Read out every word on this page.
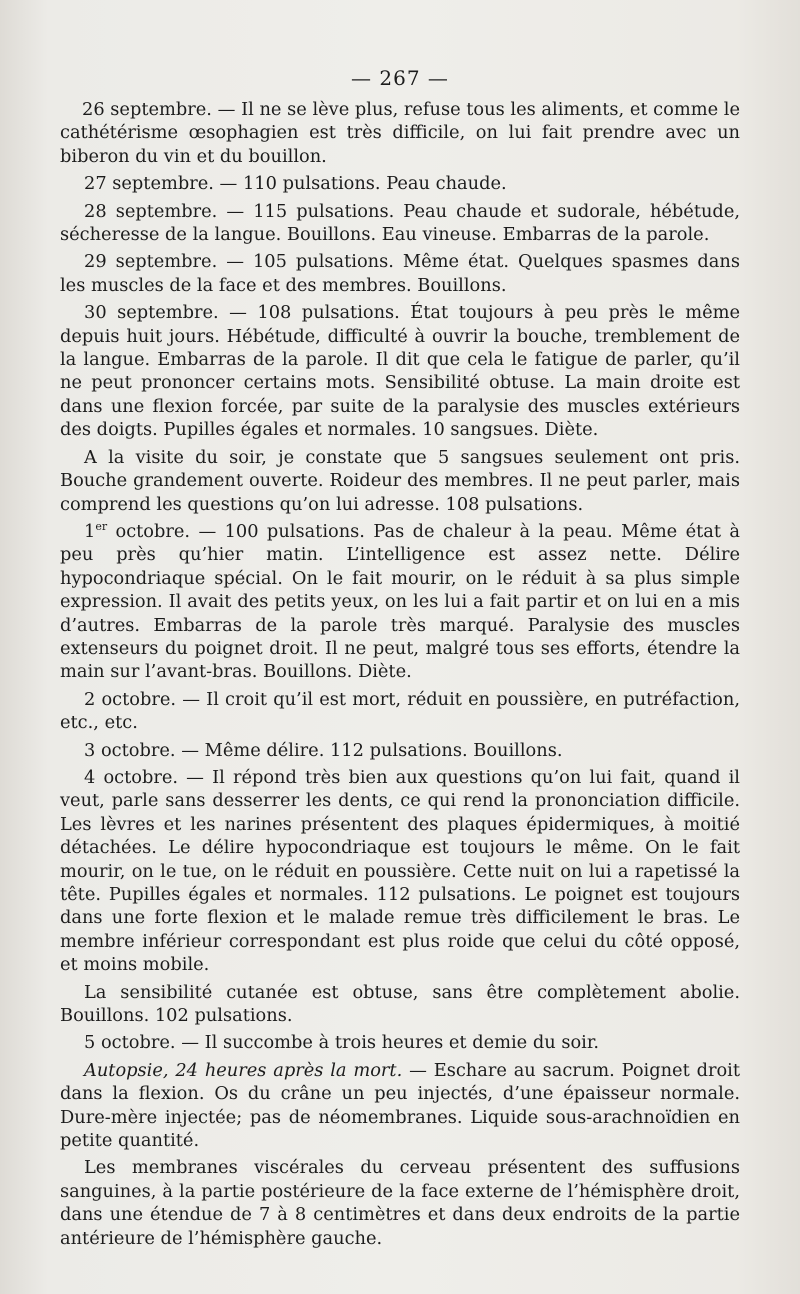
— 267 —

26 septembre. — Il ne se lève plus, refuse tous les aliments, et comme le cathétérisme œsophagien est très difficile, on lui fait prendre avec un biberon du vin et du bouillon.

27 septembre. — 110 pulsations. Peau chaude.

28 septembre. — 115 pulsations. Peau chaude et sudorale, hébétude, sécheresse de la langue. Bouillons. Eau vineuse. Embarras de la parole.

29 septembre. — 105 pulsations. Même état. Quelques spasmes dans les muscles de la face et des membres. Bouillons.

30 septembre. — 108 pulsations. État toujours à peu près le même depuis huit jours. Hébétude, difficulté à ouvrir la bouche, tremblement de la langue. Embarras de la parole. Il dit que cela le fatigue de parler, qu’il ne peut prononcer certains mots. Sensibilité obtuse. La main droite est dans une flexion forcée, par suite de la paralysie des muscles extérieurs des doigts. Pupilles égales et normales. 10 sangsues. Diète.

A la visite du soir, je constate que 5 sangsues seulement ont pris. Bouche grandement ouverte. Roideur des membres. Il ne peut parler, mais comprend les questions qu’on lui adresse. 108 pulsations.

1er octobre. — 100 pulsations. Pas de chaleur à la peau. Même état à peu près qu’hier matin. L’intelligence est assez nette. Délire hypocondriaque spécial. On le fait mourir, on le réduit à sa plus simple expression. Il avait des petits yeux, on les lui a fait partir et on lui en a mis d’autres. Embarras de la parole très marqué. Paralysie des muscles extenseurs du poignet droit. Il ne peut, malgré tous ses efforts, étendre la main sur l’avant-bras. Bouillons. Diète.

2 octobre. — Il croit qu’il est mort, réduit en poussière, en putréfaction, etc., etc.

3 octobre. — Même délire. 112 pulsations. Bouillons.

4 octobre. — Il répond très bien aux questions qu’on lui fait, quand il veut, parle sans desserrer les dents, ce qui rend la prononciation difficile. Les lèvres et les narines présentent des plaques épidermiques, à moitié détachées. Le délire hypocondriaque est toujours le même. On le fait mourir, on le tue, on le réduit en poussière. Cette nuit on lui a rapetissé la tête. Pupilles égales et normales. 112 pulsations. Le poignet est toujours dans une forte flexion et le malade remue très difficilement le bras. Le membre inférieur correspondant est plus roide que celui du côté opposé, et moins mobile.

La sensibilité cutanée est obtuse, sans être complètement abolie. Bouillons. 102 pulsations.

5 octobre. — Il succombe à trois heures et demie du soir.

Autopsie, 24 heures après la mort. — Eschare au sacrum. Poignet droit dans la flexion. Os du crâne un peu injectés, d’une épaisseur normale. Dure-mère injectée; pas de néomembranes. Liquide sous-arachnoïdien en petite quantité.

Les membranes viscérales du cerveau présentent des suffusions sanguines, à la partie postérieure de la face externe de l’hémisphère droit, dans une étendue de 7 à 8 centimètres et dans deux endroits de la partie antérieure de l’hémisphère gauche.
